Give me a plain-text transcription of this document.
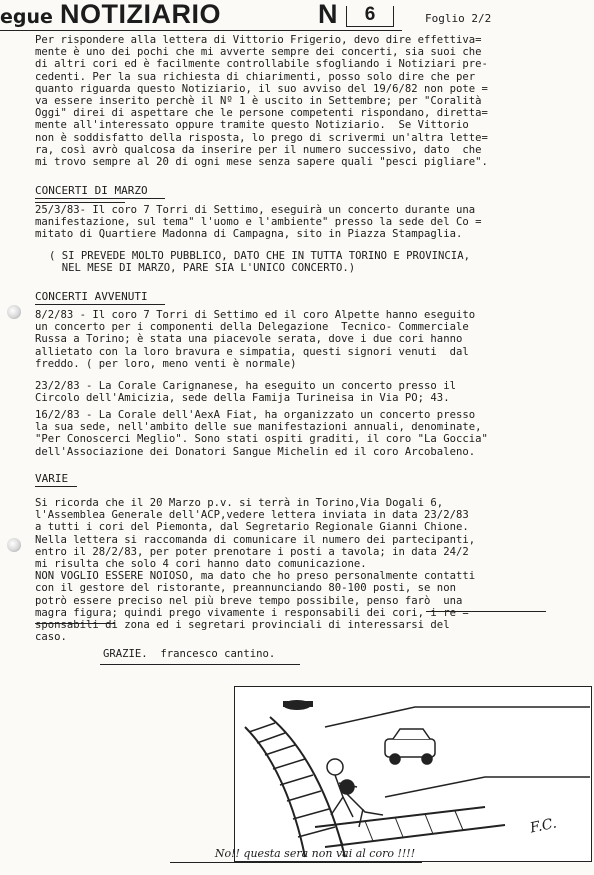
egue NOTIZIARIO	N	6	Foglio 2/2
Per rispondere alla lettera di Vittorio Frigerio, devo dire effettiva=
mente è uno dei pochi che mi avverte sempre dei concerti, sia suoi che
di altri cori ed è facilmente controllabile sfogliando i Notiziari pre-
cedenti. Per la sua richiesta di chiarimenti, posso solo dire che per
quanto riguarda questo Notiziario, il suo avviso del 19/6/82 non pote =
va essere inserito perchè il Nº 1 è uscito in Settembre; per "Coralità
Oggi" direi di aspettare che le persone competenti rispondano, diretta=
mente all'interessato oppure tramite questo Notiziario.  Se Vittorio
non è soddisfatto della risposta, lo prego di scrivermi un'altra lette=
ra, così avrò qualcosa da inserire per il numero successivo, dato  che
mi trovo sempre al 20 di ogni mese senza sapere quali "pesci pigliare".
CONCERTI DI MARZO
25/3/83- Il coro 7 Torri di Settimo, eseguirà un concerto durante una
manifestazione, sul tema" l'uomo e l'ambiente" presso la sede del Co =
mitato di Quartiere Madonna di Campagna, sito in Piazza Stampaglia.
( SI PREVEDE MOLTO PUBBLICO, DATO CHE IN TUTTA TORINO E PROVINCIA,
NEL MESE DI MARZO, PARE SIA L'UNICO CONCERTO.)
CONCERTI AVVENUTI
8/2/83 - Il coro 7 Torri di Settimo ed il coro Alpette hanno eseguito
un concerto per i componenti della Delegazione  Tecnico- Commerciale
Russa a Torino; è stata una piacevole serata, dove i due cori hanno
allietato con la loro bravura e simpatia, questi signori venuti  dal
freddo. ( per loro, meno venti è normale)
23/2/83 - La Corale Carignanese, ha eseguito un concerto presso il
Circolo dell'Amicizia, sede della Famija Turineisa in Via PO; 43.
16/2/83 - La Corale dell'AexA Fiat, ha organizzato un concerto presso
la sua sede, nell'ambito delle sue manifestazioni annuali, denominate,
"Per Conoscerci Meglio". Sono stati ospiti graditi, il coro "La Goccia"
dell'Associazione dei Donatori Sangue Michelin ed il coro Arcobaleno.
VARIE
Si ricorda che il 20 Marzo p.v. si terrà in Torino,Via Dogali 6,
l'Assemblea Generale dell'ACP,vedere lettera inviata in data 23/2/83
a tutti i cori del Piemonta, dal Segretario Regionale Gianni Chione.
Nella lettera si raccomanda di comunicare il numero dei partecipanti,
entro il 28/2/83, per poter prenotare i posti a tavola; in data 24/2
mi risulta che solo 4 cori hanno dato comunicazione.
NON VOGLIO ESSERE NOIOSO, ma dato che ho preso personalmente contatti
con il gestore del ristorante, preannunciando 80-100 posti, se non
potrò essere preciso nel più breve tempo possibile, penso farò  una
magra figura; quindi prego vivamente i responsabili dei cori, i re =
sponsabili di zona ed i segretari provinciali di interessarsi del
caso.
GRAZIE.  francesco cantino.
F.C.
No!! questa sera non vai al coro !!!!
